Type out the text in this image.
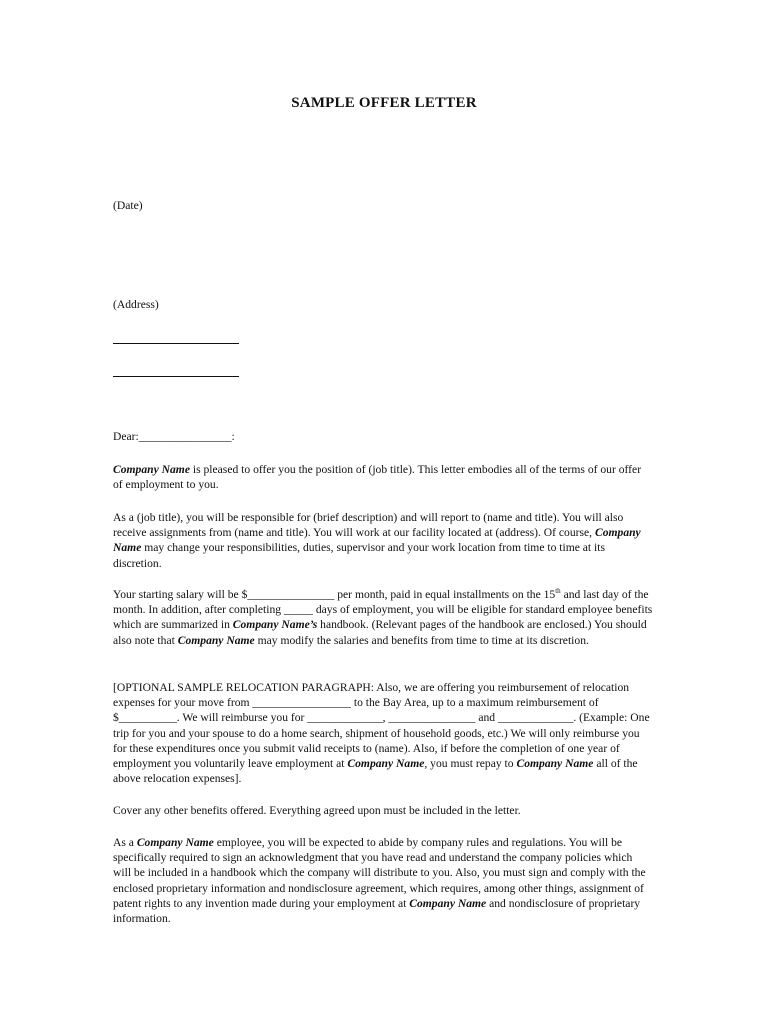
SAMPLE OFFER LETTER
(Date)
(Address)
Dear:________________:

Company Name is pleased to offer you the position of (job title). This letter embodies all of the terms of our offer of employment to you.

As a (job title), you will be responsible for (brief description) and will report to (name and title). You will also receive assignments from (name and title). You will work at our facility located at (address). Of course, Company Name may change your responsibilities, duties, supervisor and your work location from time to time at its discretion.

Your starting salary will be $_______________ per month, paid in equal installments on the 15th and last day of the month. In addition, after completing _____ days of employment, you will be eligible for standard employee benefits which are summarized in Company Name’s handbook. (Relevant pages of the handbook are enclosed.) You should also note that Company Name may modify the salaries and benefits from time to time at its discretion.

[OPTIONAL SAMPLE RELOCATION PARAGRAPH: Also, we are offering you reimbursement of relocation expenses for your move from _________________ to the Bay Area, up to a maximum reimbursement of $__________. We will reimburse you for _____________, _______________ and _____________. (Example: One trip for you and your spouse to do a home search, shipment of household goods, etc.) We will only reimburse you for these expenditures once you submit valid receipts to (name). Also, if before the completion of one year of employment you voluntarily leave employment at Company Name, you must repay to Company Name all of the above relocation expenses].

Cover any other benefits offered. Everything agreed upon must be included in the letter.

As a Company Name employee, you will be expected to abide by company rules and regulations. You will be specifically required to sign an acknowledgment that you have read and understand the company policies which will be included in a handbook which the company will distribute to you. Also, you must sign and comply with the enclosed proprietary information and nondisclosure agreement, which requires, among other things, assignment of patent rights to any invention made during your employment at Company Name and nondisclosure of proprietary information.
